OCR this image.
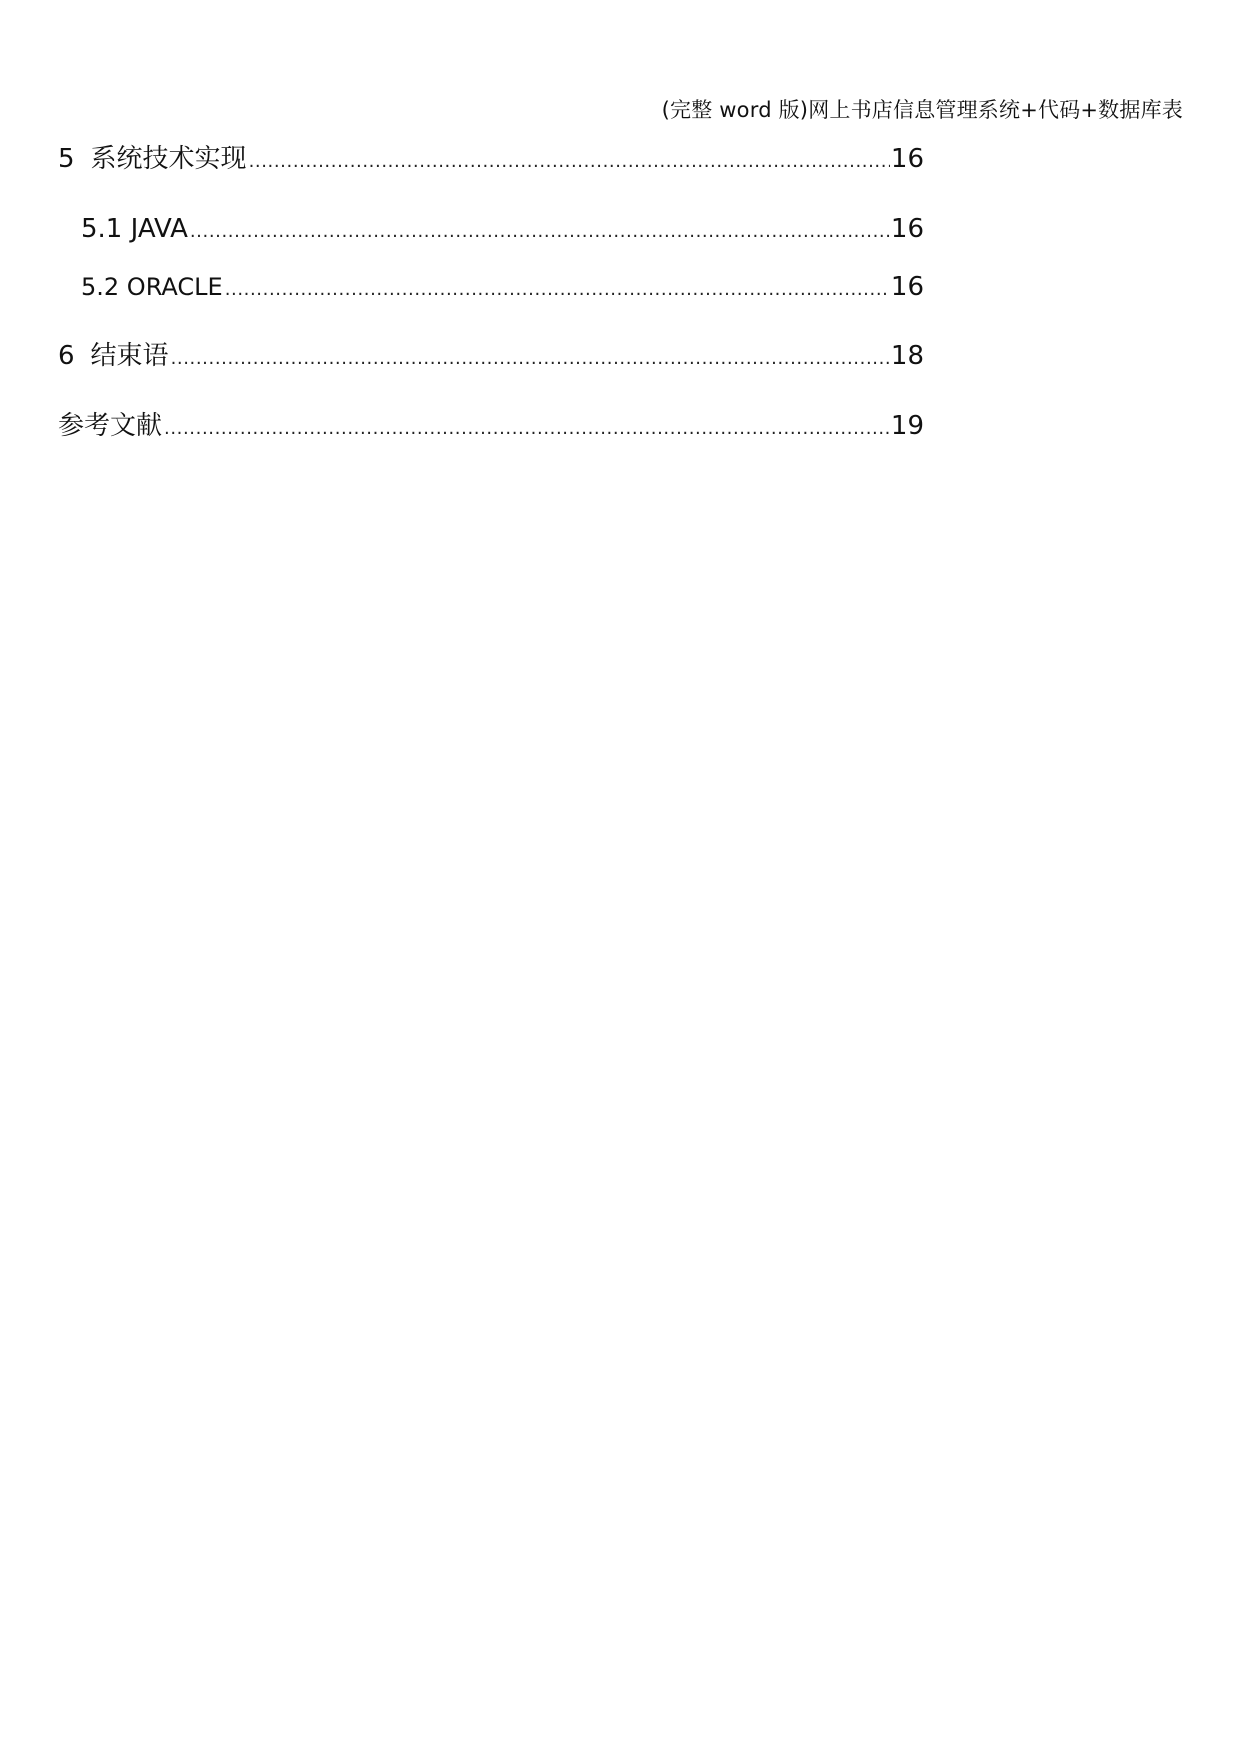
(完整 word 版)网上书店信息管理系统+代码+数据库表
5 系统技术实现 .....	16
5.1 JAVA .....	16
5.2 ORACLE .....	16
6 结束语 .....	18
参考文献 .....	19
